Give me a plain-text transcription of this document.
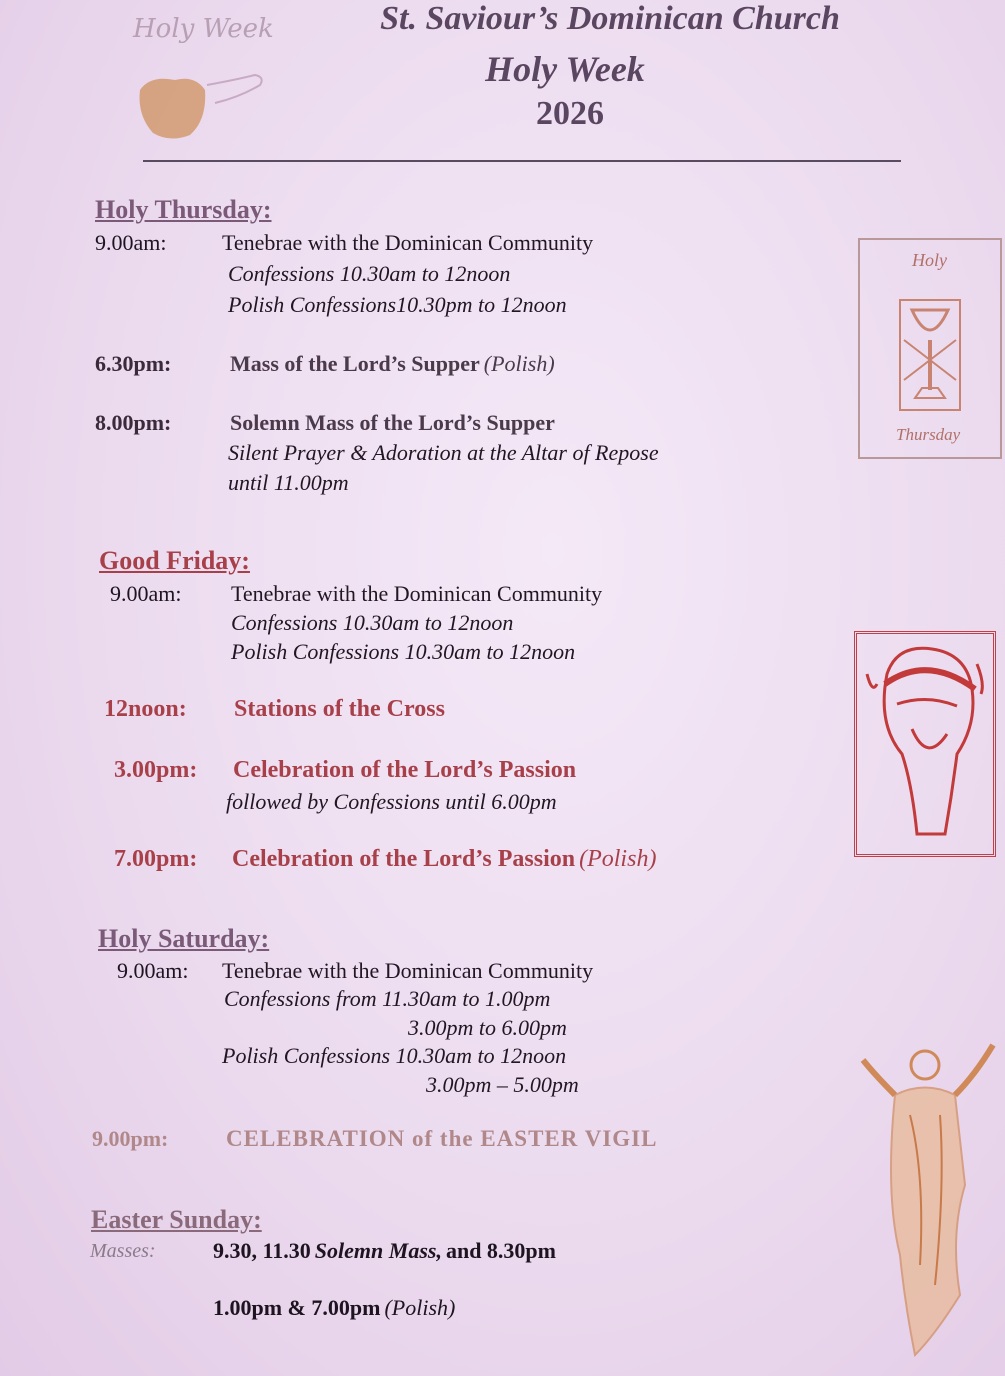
Holy Week	St. Saviour’s Dominican Church
Holy Week
2026
Holy Thursday:
9.00am:	Tenebrae with the Dominican Community
Confessions 10.30am to 12noon
Polish Confessions10.30pm to 12noon
6.30pm:	Mass of the Lord’s Supper (Polish)
8.00pm:	Solemn Mass of the Lord’s Supper
Silent Prayer & Adoration at the Altar of Repose
until 11.00pm
Holy
Thursday
Good Friday:
9.00am: Tenebrae with the Dominican Community
Confessions 10.30am to 12noon
Polish Confessions 10.30am to 12noon
12noon: Stations of the Cross
3.00pm: Celebration of the Lord’s Passion
followed by Confessions until 6.00pm
7.00pm: Celebration of the Lord’s Passion (Polish)
Holy Saturday:
9.00am: Tenebrae with the Dominican Community
Confessions from 11.30am to 1.00pm
3.00pm to 6.00pm
Polish Confessions 10.30am to 12noon
3.00pm – 5.00pm
9.00pm:	CELEBRATION of the EASTER VIGIL
Easter Sunday:
Masses:	9.30, 11.30 Solemn Mass, and 8.30pm
1.00pm & 7.00pm (Polish)
